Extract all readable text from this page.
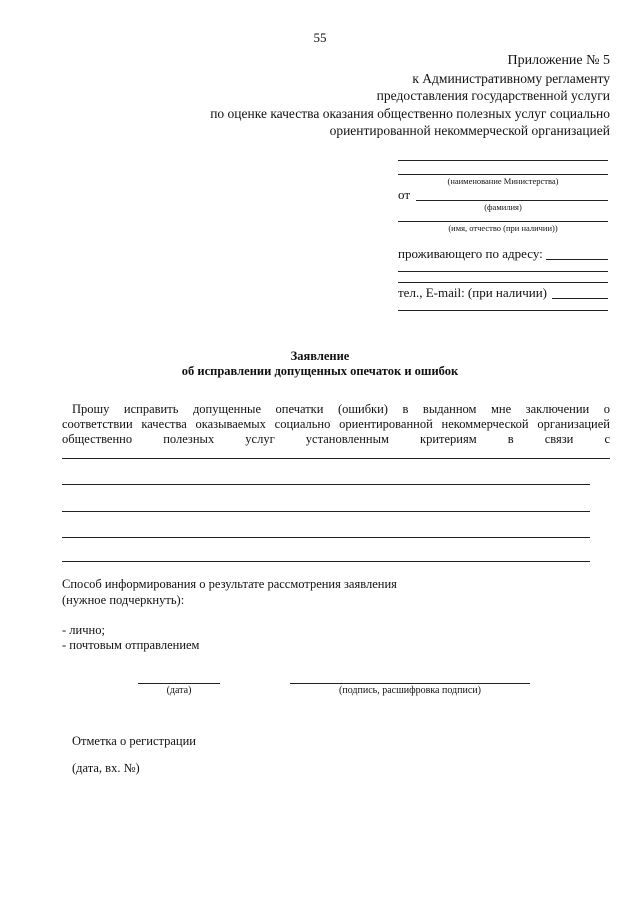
55
Приложение № 5
к Административному регламенту
предоставления государственной услуги
по оценке качества оказания общественно полезных услуг социально
ориентированной некоммерческой организацией
(наименование Министерства)
от
(фамилия)
(имя, отчество (при наличии))
проживающего по адресу:
тел., E-mail: (при наличии)
Заявление
об исправлении допущенных опечаток и ошибок
Прошу исправить допущенные опечатки (ошибки) в выданном мне заключении о
соответствии качества оказываемых социально ориентированной некоммерческой организацией
общественно полезных услуг установленным критериям в связи с
Способ информирования о результате рассмотрения заявления
(нужное подчеркнуть):
- лично;
- почтовым отправлением
(дата)	(подпись, расшифровка подписи)
Отметка о регистрации
(дата, вх. №)
